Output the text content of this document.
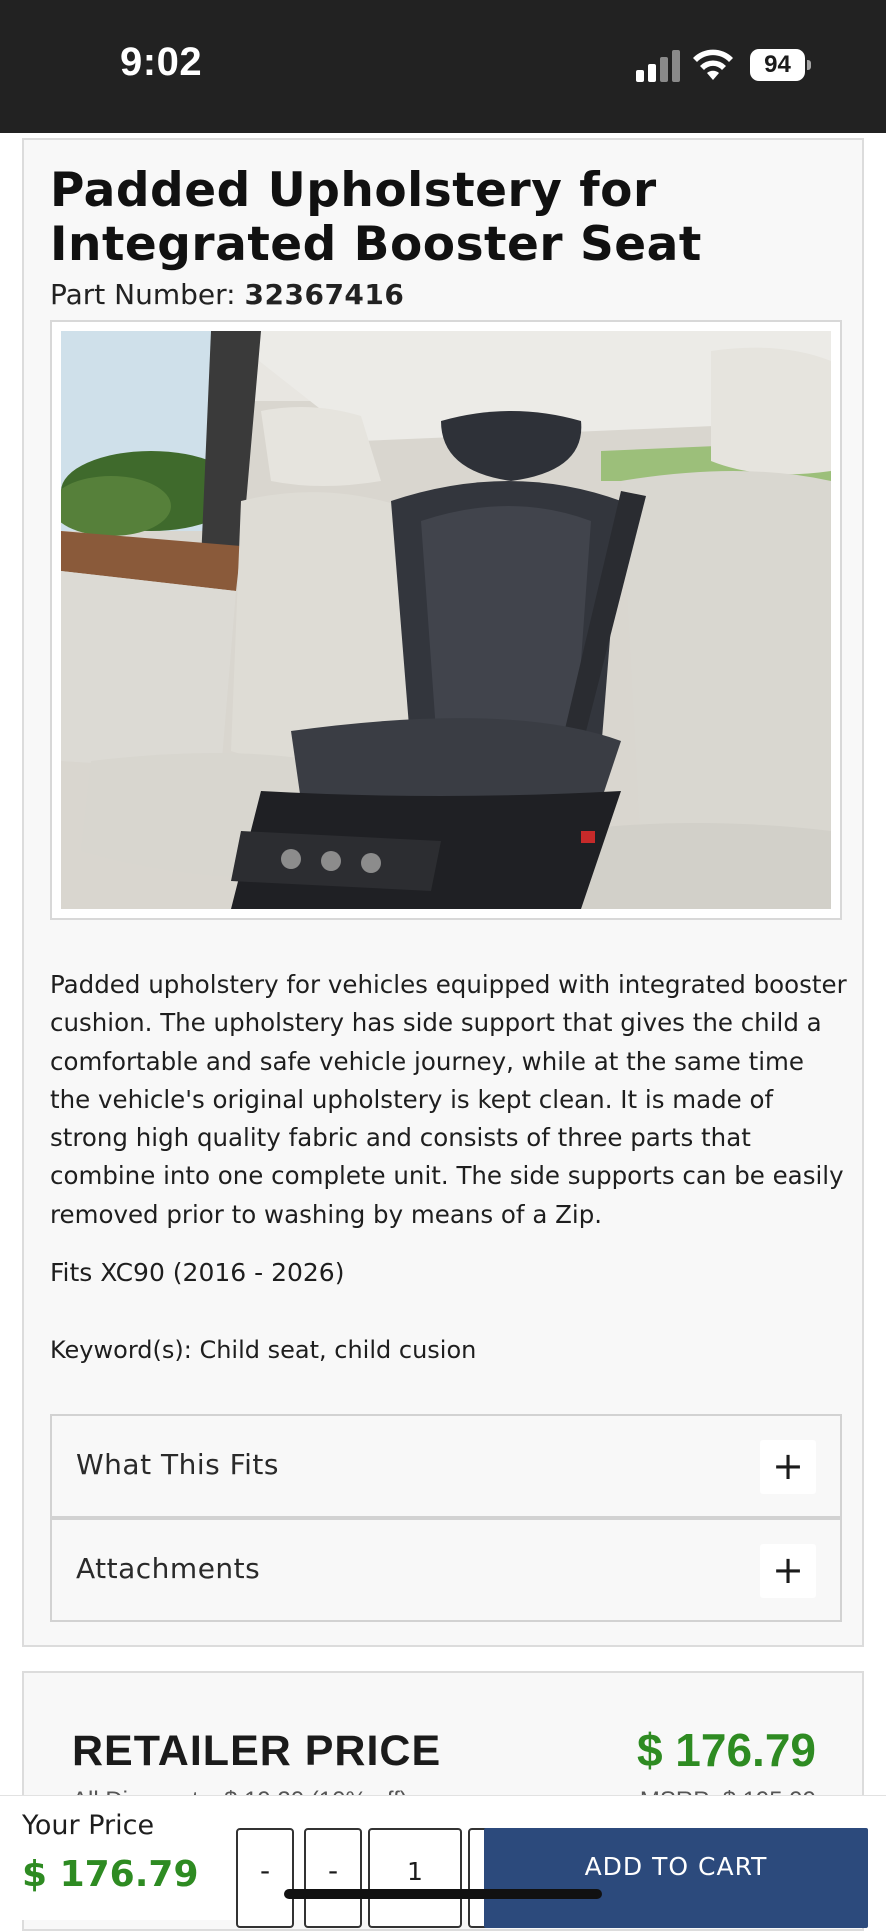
9:02	94
Padded Upholstery for Integrated Booster Seat
Part Number: 32367416

Padded upholstery for vehicles equipped with integrated booster cushion. The upholstery has side support that gives the child a comfortable and safe vehicle journey, while at the same time the vehicle's original upholstery is kept clean. It is made of strong high quality fabric and consists of three parts that combine into one complete unit. The side supports can be easily removed prior to washing by means of a Zip.

Fits XC90 (2016 - 2026)
Keyword(s): Child seat, child cusion
What This Fits	+
Attachments	+
RETAILER PRICE	$ 176.79
Your Price
$ 176.79	-	-	1	ADD TO CART
